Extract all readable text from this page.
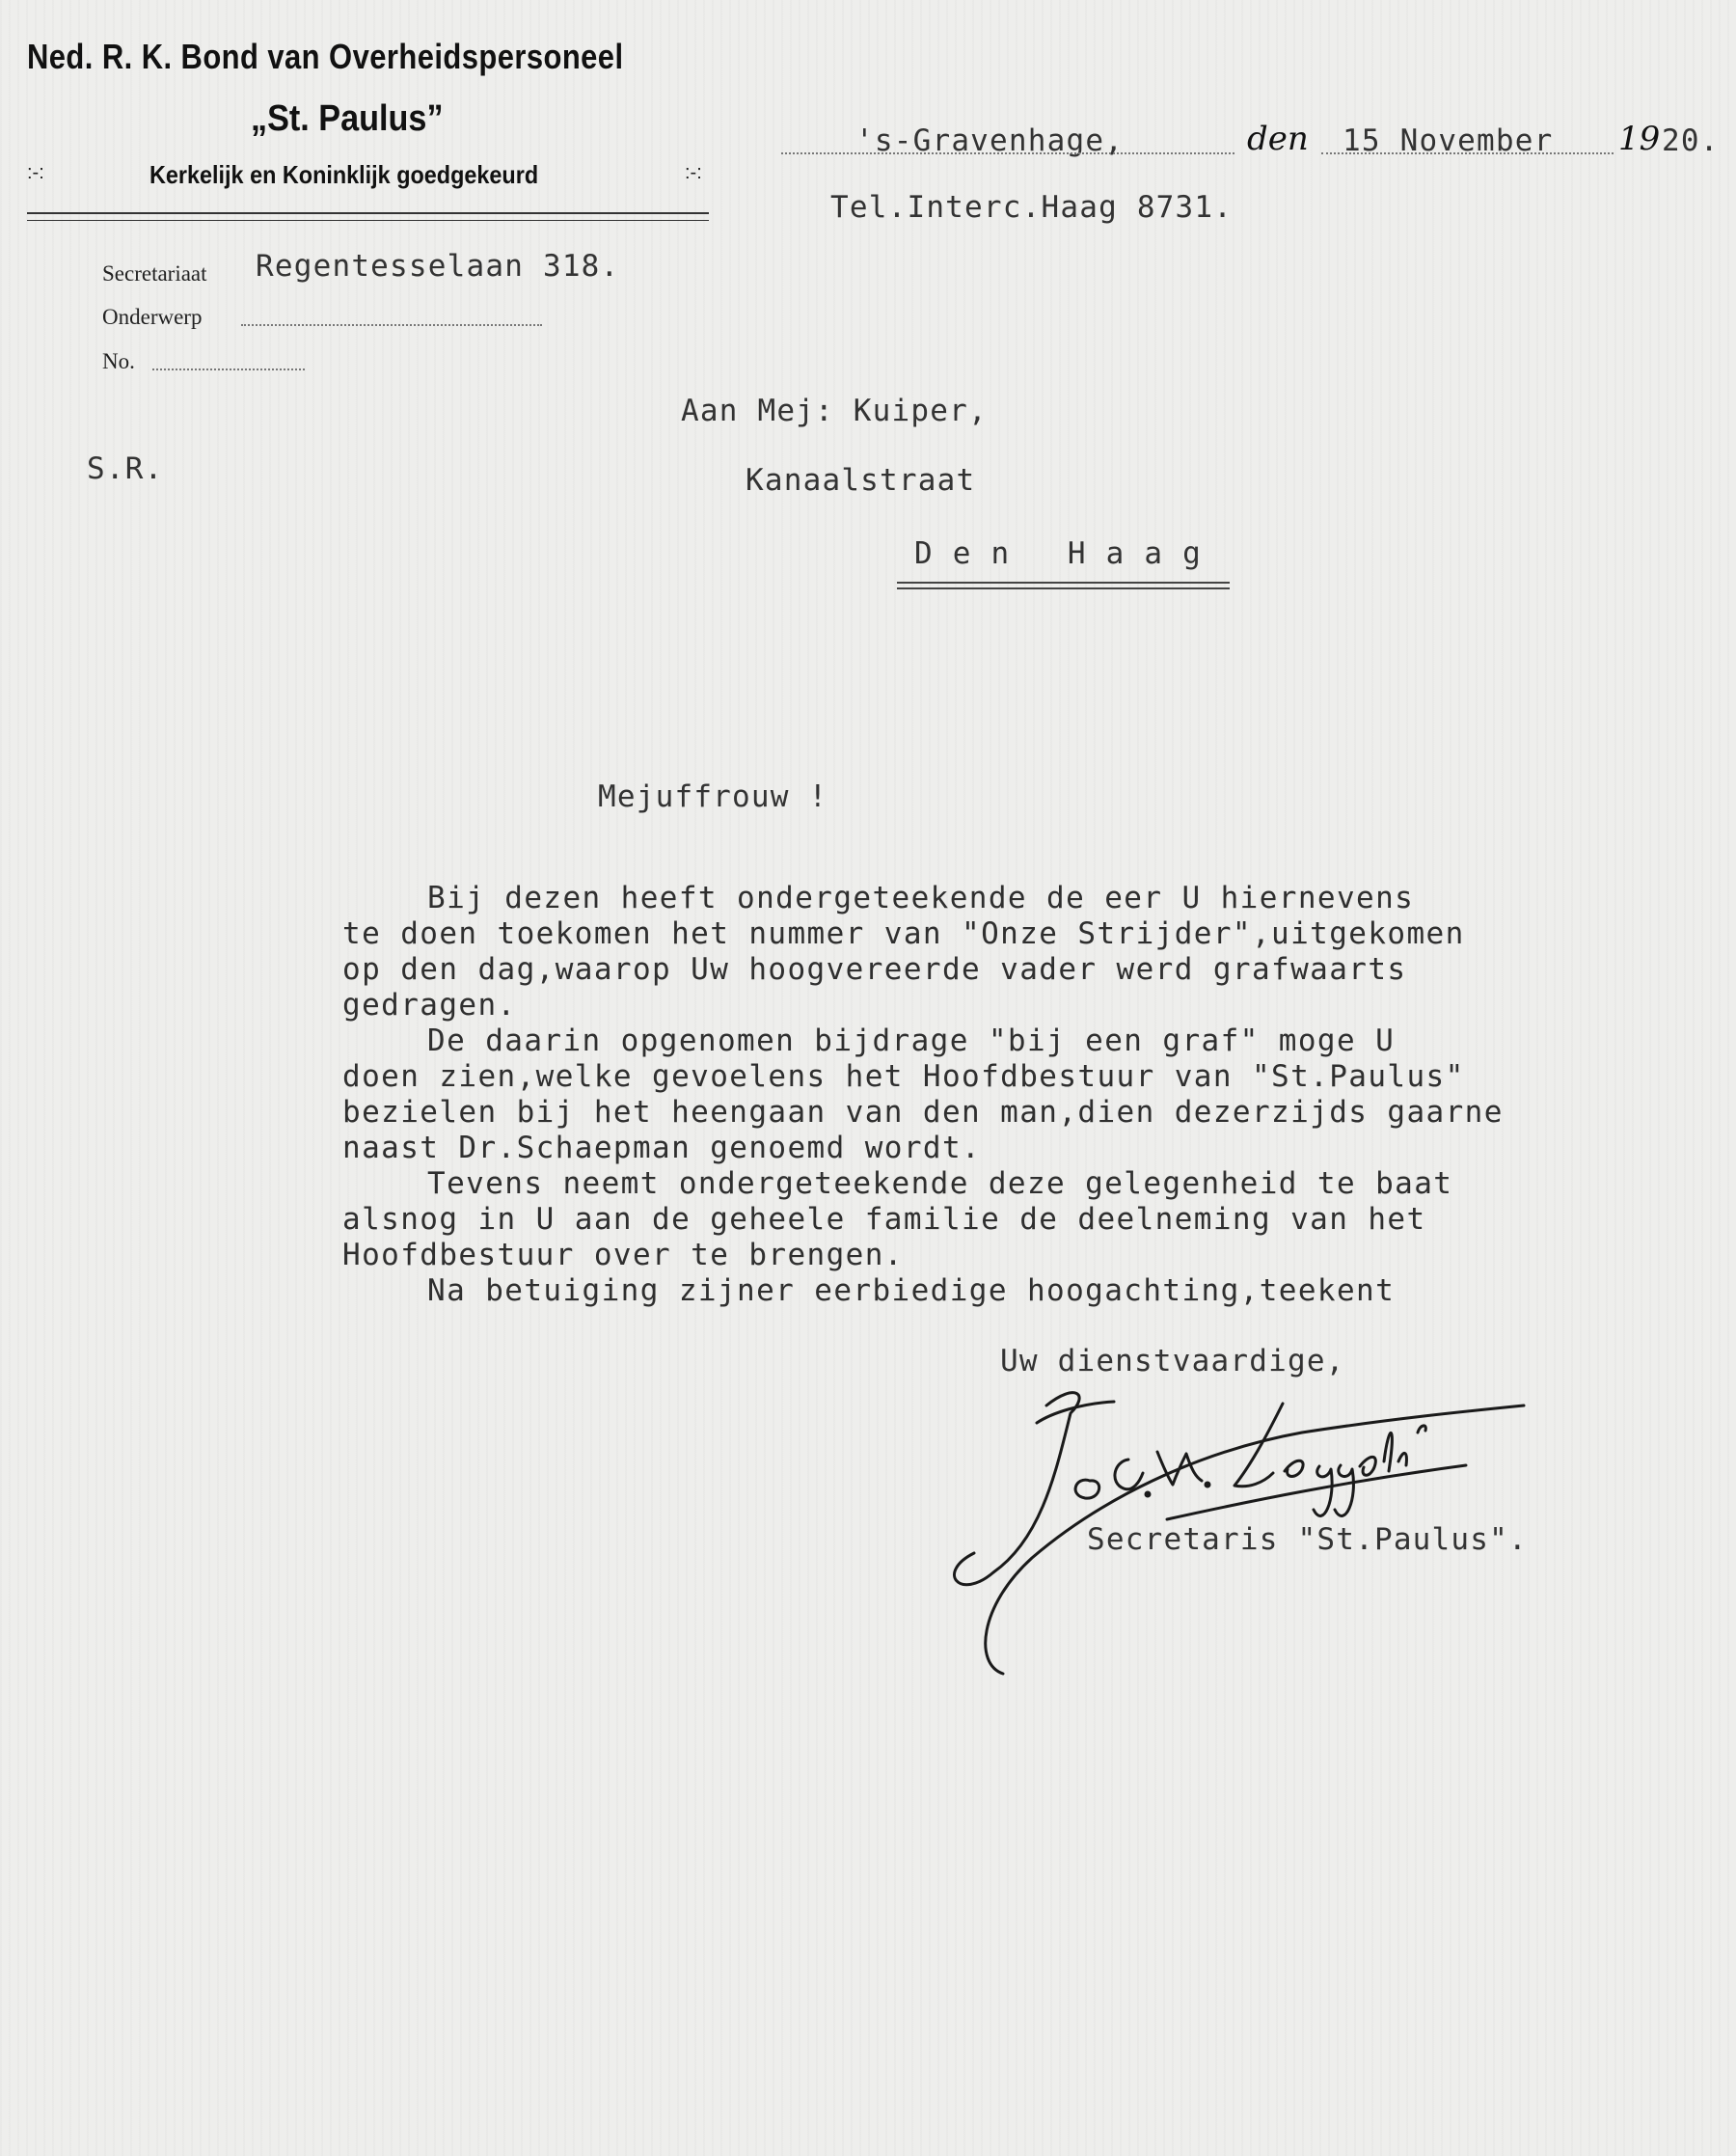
Ned. R. K. Bond van Overheidspersoneel
„St. Paulus”
:-:	Kerkelijk en Koninklijk goedgekeurd	:-:
Secretariaat Regentesselaan 318.
Onderwerp
No.
's-Gravenhage,	den 15 November 19 20.
Tel.Interc.Haag 8731.
S.R.
Aan Mej: Kuiper,
Kanaalstraat
D e n   H a a g
Mejuffrouw !
Bij dezen heeft ondergeteekende de eer U hiernevens
te doen toekomen het nummer van "Onze Strijder",uitgekomen
op den dag,waarop Uw hoogvereerde vader werd grafwaarts
gedragen.
De daarin opgenomen bijdrage "bij een graf" moge U
doen zien,welke gevoelens het Hoofdbestuur van "St.Paulus"
bezielen bij het heengaan van den man,dien dezerzijds gaarne
naast Dr.Schaepman genoemd wordt.
Tevens neemt ondergeteekende deze gelegenheid te baat
alsnog in U aan de geheele familie de deelneming van het
Hoofdbestuur over te brengen.
Na betuiging zijner eerbiedige hoogachting,teekent
Uw dienstvaardige,
Secretaris "St.Paulus".
